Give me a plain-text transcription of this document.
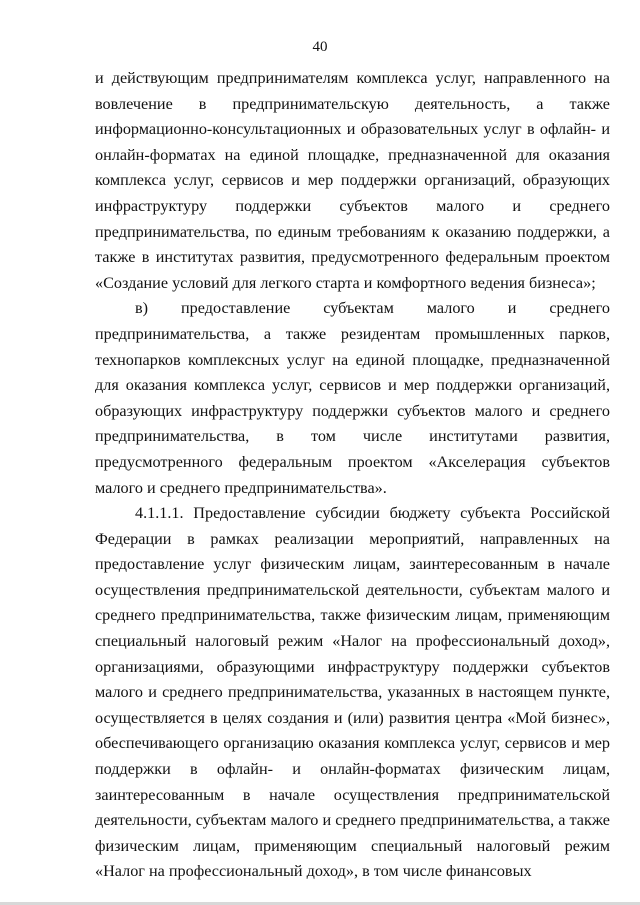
40

и действующим предпринимателям комплекса услуг, направленного на вовлечение в предпринимательскую деятельность, а также информационно-консультационных и образовательных услуг в офлайн- и онлайн-форматах на единой площадке, предназначенной для оказания комплекса услуг, сервисов и мер поддержки организаций, образующих инфраструктуру поддержки субъектов малого и среднего предпринимательства, по единым требованиям к оказанию поддержки, а также в институтах развития, предусмотренного федеральным проектом «Создание условий для легкого старта и комфортного ведения бизнеса»;

в) предоставление субъектам малого и среднего предпринимательства, а также резидентам промышленных парков, технопарков комплексных услуг на единой площадке, предназначенной для оказания комплекса услуг, сервисов и мер поддержки организаций, образующих инфраструктуру поддержки субъектов малого и среднего предпринимательства, в том числе институтами развития, предусмотренного федеральным проектом «Акселерация субъектов малого и среднего предпринимательства».

4.1.1.1. Предоставление субсидии бюджету субъекта Российской Федерации в рамках реализации мероприятий, направленных на предоставление услуг физическим лицам, заинтересованным в начале осуществления предпринимательской деятельности, субъектам малого и среднего предпринимательства, также физическим лицам, применяющим специальный налоговый режим «Налог на профессиональный доход», организациями, образующими инфраструктуру поддержки субъектов малого и среднего предпринимательства, указанных в настоящем пункте, осуществляется в целях создания и (или) развития центра «Мой бизнес», обеспечивающего организацию оказания комплекса услуг, сервисов и мер поддержки в офлайн- и онлайн-форматах физическим лицам, заинтересованным в начале осуществления предпринимательской деятельности, субъектам малого и среднего предпринимательства, а также физическим лицам, применяющим специальный налоговый режим «Налог на профессиональный доход», в том числе финансовых
